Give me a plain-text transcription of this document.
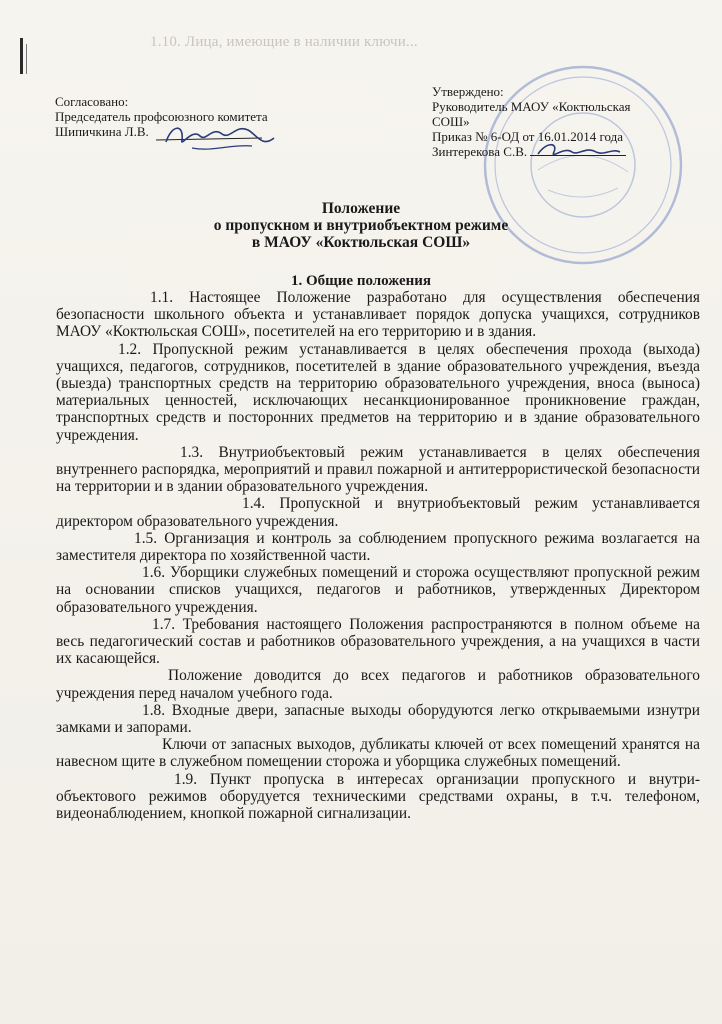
1.10. Лица, имеющие в наличии ключи...
Согласовано:
Председатель профсоюзного комитета
Шипичкина Л.В.
Утверждено:
Руководитель МАОУ «Коктюльская
СОШ»
Приказ № 6-ОД от 16.01.2014 года
Зинтерекова С.В.
Положение
о пропускном и внутриобъектном режиме
в МАОУ «Коктюльская СОШ»
1. Общие положения

1.1. Настоящее Положение разработано для осуществления обеспечения безопасности школьного объекта и устанавливает порядок допуска учащихся, сотрудников МАОУ «Коктюльская СОШ», посетителей на его территорию и в здания.

1.2. Пропускной режим устанавливается в целях обеспечения прохода (выхода) учащихся, педагогов, сотрудников, посетителей в здание образовательного учреждения, въезда (выезда) транспортных средств на территорию образовательного учреждения, вноса (выноса) материальных ценностей, исключающих несанкционированное проникновение граждан, транспортных средств и посторонних предметов на территорию и в здание образовательного учреждения.

1.3. Внутриобъектовый режим устанавливается в целях обеспечения внутреннего распорядка, мероприятий и правил пожарной и антитеррористической безопасности на территории и в здании образовательного учреждения.

1.4. Пропускной и внутриобъектовый режим устанавливается директором образовательного учреждения.

1.5. Организация и контроль за соблюдением пропускного режима возлагается на заместителя директора по хозяйственной части.

1.6. Уборщики служебных помещений и сторожа осуществляют пропускной режим на основании списков учащихся, педагогов и работников, утвержденных Директором образовательного учреждения.

1.7. Требования настоящего Положения распространяются в полном объеме на весь педагогический состав и работников образовательного учреждения, а на учащихся в части их касающейся.

Положение доводится до всех педагогов и работников образовательного учреждения перед началом учебного года.

1.8. Входные двери, запасные выходы оборудуются легко открываемыми изнутри замками и запорами.

Ключи от запасных выходов, дубликаты ключей от всех помещений хранятся на навесном щите в служебном помещении сторожа и уборщика служебных помещений.

1.9. Пункт пропуска в интересах организации пропускного и внутри-объектового режимов оборудуется техническими средствами охраны, в т.ч. телефоном, видеонаблюдением, кнопкой пожарной сигнализации.
